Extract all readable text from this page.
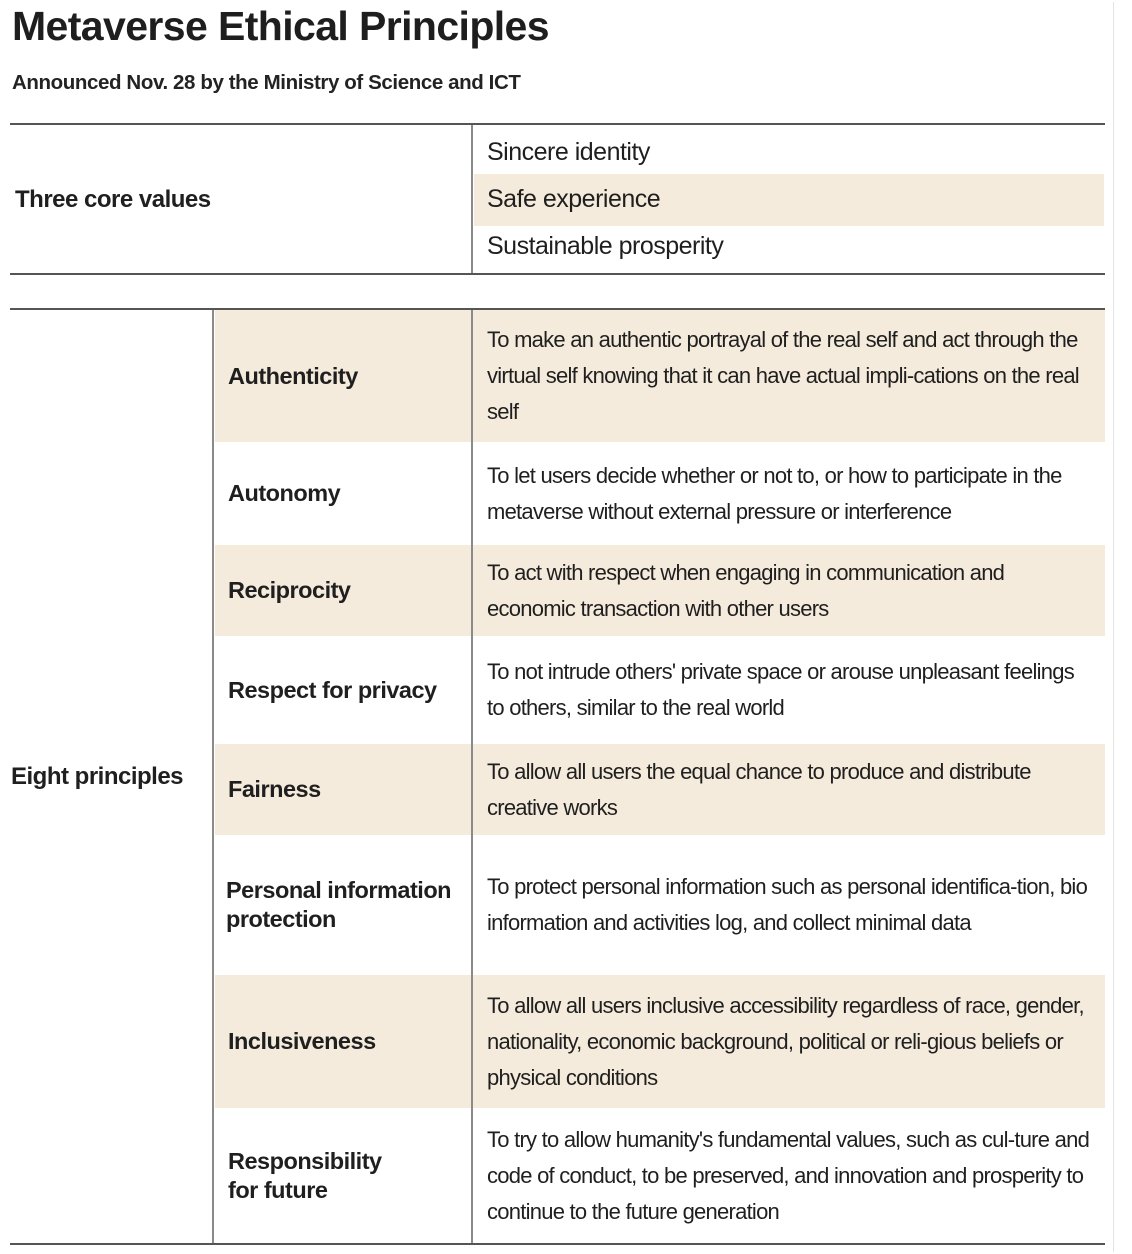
Metaverse Ethical Principles
Announced Nov. 28 by the Ministry of Science and ICT
Three core values
Sincere identity
Safe experience
Sustainable prosperity
Eight principles
Authenticity
To make an authentic portrayal of the real self and act through the virtual self knowing that it can have actual impli-cations on the real self
Autonomy
To let users decide whether or not to, or how to participate in the metaverse without external pressure or interference
Reciprocity
To act with respect when engaging in communication and economic transaction with other users
Respect for privacy
To not intrude others' private space or arouse unpleasant feelings to others, similar to the real world
Fairness
To allow all users the equal chance to produce and distribute creative works
Personal information protection
To protect personal information such as personal identifica-tion, bio information and activities log, and collect minimal data
Inclusiveness
To allow all users inclusive accessibility regardless of race, gender, nationality, economic background, political or reli-gious beliefs or physical conditions
Responsibility for future
To try to allow humanity's fundamental values, such as cul-ture and code of conduct, to be preserved, and innovation and prosperity to continue to the future generation
